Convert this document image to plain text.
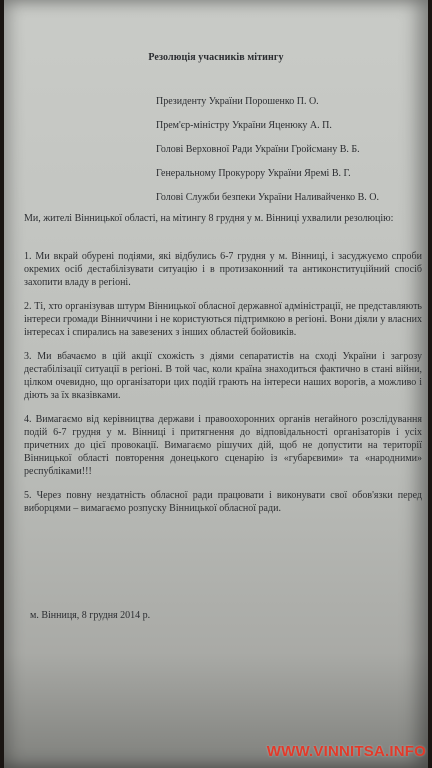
Резолюція учасників мітингу
Президенту України Порошенко П. О.
Прем'єр-міністру України Яценюку А. П.
Голові Верховної Ради України Гройсману В. Б.
Генеральному Прокурору України Яремі В. Г.
Голові Служби безпеки України Наливайченко В. О.
Ми, жителі Вінницької області, на мітингу 8 грудня у м. Вінниці ухвалили резолюцію:

1. Ми вкрай обурені подіями, які відбулись 6-7 грудня у м. Вінниці, і засуджуємо спроби окремих осіб дестабілізувати ситуацію і в протизаконний та антиконституційний спосіб захопити владу в регіоні.

2. Ті, хто організував штурм Вінницької обласної державної адміністрації, не представляють інтереси громади Вінниччини і не користуються підтримкою в регіоні. Вони діяли у власних інтересах і спирались на завезених з інших областей бойовиків.

3. Ми вбачаємо в цій акції схожість з діями сепаратистів на сході України і загрозу дестабілізації ситуації в регіоні. В той час, коли країна знаходиться фактично в стані війни, цілком очевидно, що організатори цих подій грають на інтереси наших ворогів, а можливо і діють за їх вказівками.

4. Вимагаємо від керівництва держави і правоохоронних органів негайного розслідування подій 6-7 грудня у м. Вінниці і притягнення до відповідальності організаторів і усіх причетних до цієї провокації. Вимагаємо рішучих дій, щоб не допустити на території Вінницької області повторення донецького сценарію із «губарєвими» та «народними» республіками!!!

5. Через повну нездатність обласної ради працювати і виконувати свої обов'язки перед виборцями – вимагаємо розпуску Вінницької обласної ради.

м. Вінниця, 8 грудня 2014 р.
WWW.VINNITSA.INFO
